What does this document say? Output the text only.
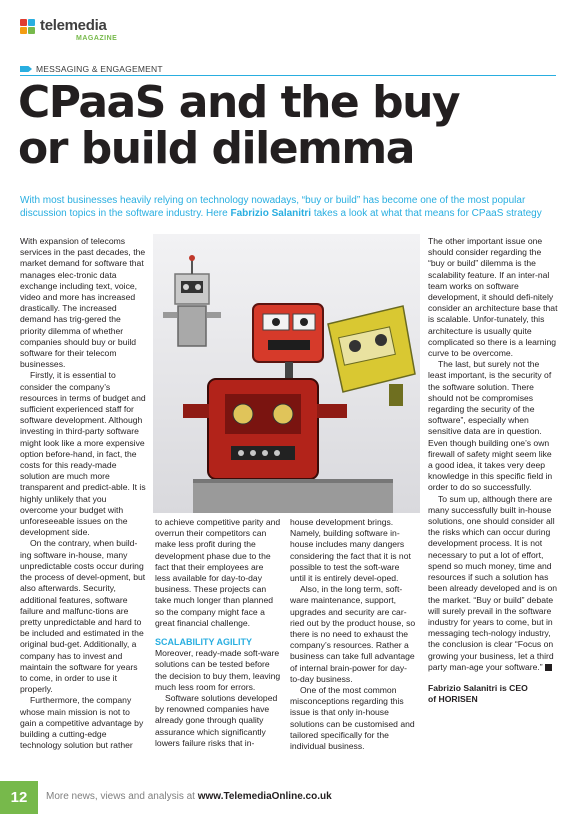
telemedia
MAGAZINE
MESSAGING & ENGAGEMENT
CPaaS and the buy
or build dilemma
With most businesses heavily relying on technology nowadays, “buy or build” has become one of the most popular discussion topics in the software industry. Here Fabrizio Salanitri takes a look at what that means for CPaaS strategy

With expansion of telecoms services in the past decades, the market demand for software that manages elec-tronic data exchange including text, voice, video and more has increased drastically. The increased demand has trig-gered the priority dilemma of whether companies should buy or build software for their telecom businesses.

Firstly, it is essential to consider the company’s resources in terms of budget and sufficient experienced staff for software development. Although investing in third-party software might look like a more expensive option before-hand, in fact, the costs for this ready-made solution are much more transparent and predict-able. It is highly unlikely that you overcome your budget with unforeseeable issues on the development side.

On the contrary, when build-ing software in-house, many unpredictable costs occur during the process of devel-opment, but also afterwards. Security, additional features, software failure and malfunc-tions are pretty unpredictable and hard to be included and estimated in the original bud-get. Additionally, a company has to invest and maintain the software for years to come, in order to use it properly.

Furthermore, the company whose main mission is not to gain a competitive advantage by building a cutting-edge technology solution but rather

to achieve competitive parity and overrun their competitors can make less profit during the development phase due to the fact that their employees are less available for day-to-day business. These projects can take much longer than planned so the company might face a great financial challenge.

SCALABILITY AGILITY

Moreover, ready-made soft-ware solutions can be tested before the decision to buy them, leaving much less room for errors.

Software solutions developed by renowned companies have already gone through quality assurance which significantly lowers failure risks that in-

house development brings. Namely, building software in-house includes many dangers considering the fact that it is not possible to test the soft-ware until it is entirely devel-oped.

Also, in the long term, soft-ware maintenance, support, upgrades and security are car-ried out by the product house, so there is no need to exhaust the company’s resources. Rather a business can take full advantage of internal brain-power for day-to-day business.

One of the most common misconceptions regarding this issue is that only in-house solutions can be customised and tailored specifically for the individual business.

The other important issue one should consider regarding the “buy or build” dilemma is the scalability feature. If an inter-nal team works on software development, it should defi-nitely consider an architecture base that is scalable. Unfor-tunately, this architecture is usually quite complicated so there is a learning curve to be overcome.

The last, but surely not the least important, is the security of the software solution. There should not be compromises regarding the security of the software”, especially when sensitive data are in question. Even though building one’s own firewall of safety might seem like a good idea, it takes very deep knowledge in this specific field in order to do so successfully.

To sum up, although there are many successfully built in-house solutions, one should consider all the risks which can occur during development process. It is not necessary to put a lot of effort, spend so much money, time and resources if such a solution has been already developed and is on the market. “Buy or build” debate will surely prevail in the software industry for years to come, but in messaging tech-nology industry, the conclusion is clear “Focus on growing your business, let a third party man-age your software.”

Fabrizio Salanitri is CEO
of HORISEN
12	More news, views and analysis at www.TelemediaOnline.co.uk
